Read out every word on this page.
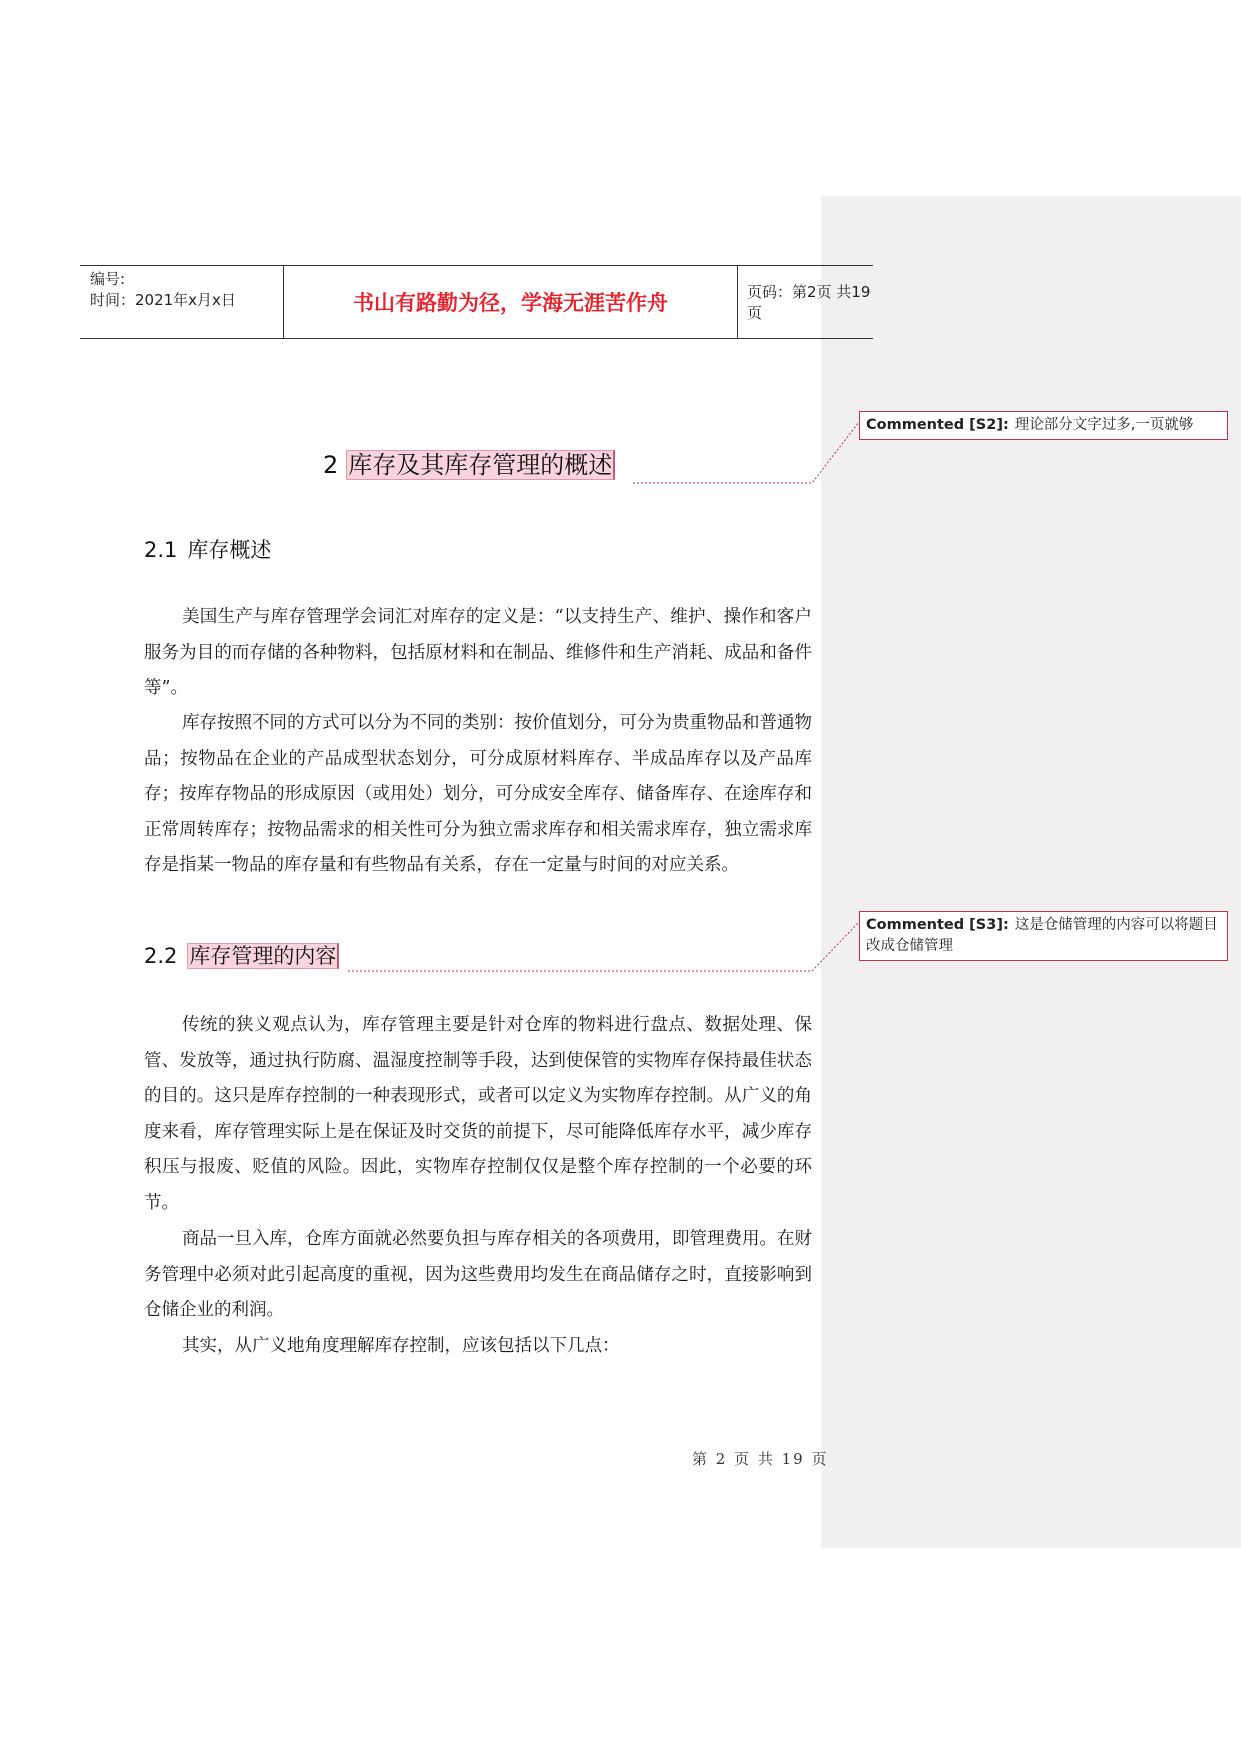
编号:
时间：2021年x月x日	书山有路勤为径，学海无涯苦作舟	页码：第2页 共19页
2 库存及其库存管理的概述
2.1 库存概述

美国生产与库存管理学会词汇对库存的定义是：“以支持生产、维护、操作和客户服务为目的而存储的各种物料，包括原材料和在制品、维修件和生产消耗、成品和备件等”。

库存按照不同的方式可以分为不同的类别：按价值划分，可分为贵重物品和普通物品；按物品在企业的产品成型状态划分，可分成原材料库存、半成品库存以及产品库存；按库存物品的形成原因（或用处）划分，可分成安全库存、储备库存、在途库存和正常周转库存；按物品需求的相关性可分为独立需求库存和相关需求库存，独立需求库存是指某一物品的库存量和有些物品有关系，存在一定量与时间的对应关系。

2.2 库存管理的内容

传统的狭义观点认为，库存管理主要是针对仓库的物料进行盘点、数据处理、保管、发放等，通过执行防腐、温湿度控制等手段，达到使保管的实物库存保持最佳状态的目的。这只是库存控制的一种表现形式，或者可以定义为实物库存控制。从广义的角度来看，库存管理实际上是在保证及时交货的前提下，尽可能降低库存水平，减少库存积压与报废、贬值的风险。因此，实物库存控制仅仅是整个库存控制的一个必要的环节。

商品一旦入库，仓库方面就必然要负担与库存相关的各项费用，即管理费用。在财务管理中必须对此引起高度的重视，因为这些费用均发生在商品储存之时，直接影响到仓储企业的利润。

其实，从广义地角度理解库存控制，应该包括以下几点：

Commented [S2]: 理论部分文字过多,一页就够
Commented [S3]: 这是仓储管理的内容可以将题目改成仓储管理
第 2 页 共 19 页
